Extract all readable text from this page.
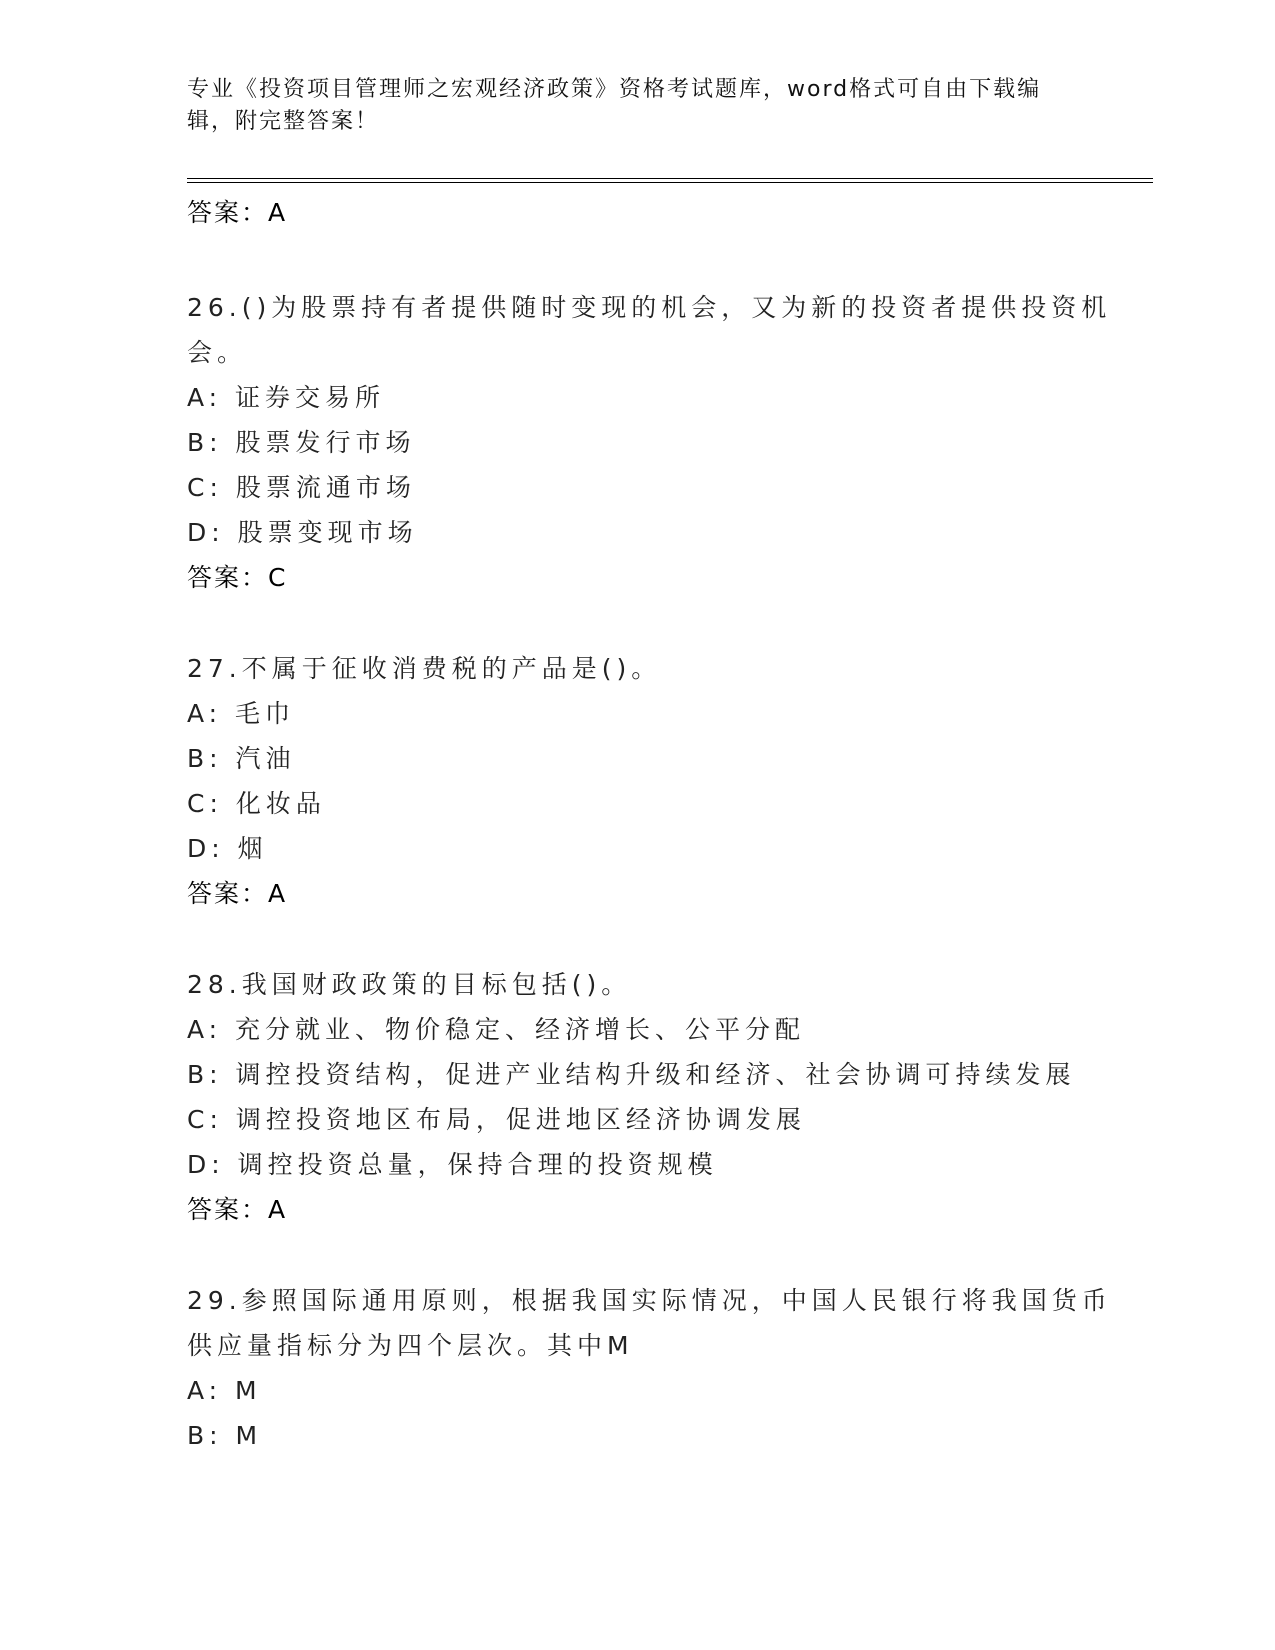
专业《投资项目管理师之宏观经济政策》资格考试题库，word格式可自由下载编辑，附完整答案！
答案：A
26.()为股票持有者提供随时变现的机会，又为新的投资者提供投资机
会。
A: 证券交易所
B: 股票发行市场
C: 股票流通市场
D: 股票变现市场
答案：C
27.不属于征收消费税的产品是()。
A: 毛巾
B: 汽油
C: 化妆品
D: 烟
答案：A
28.我国财政政策的目标包括()。
A: 充分就业、物价稳定、经济增长、公平分配
B: 调控投资结构，促进产业结构升级和经济、社会协调可持续发展
C: 调控投资地区布局，促进地区经济协调发展
D: 调控投资总量，保持合理的投资规模
答案：A
29.参照国际通用原则，根据我国实际情况，中国人民银行将我国货币
供应量指标分为四个层次。其中M
A: M
B: M
